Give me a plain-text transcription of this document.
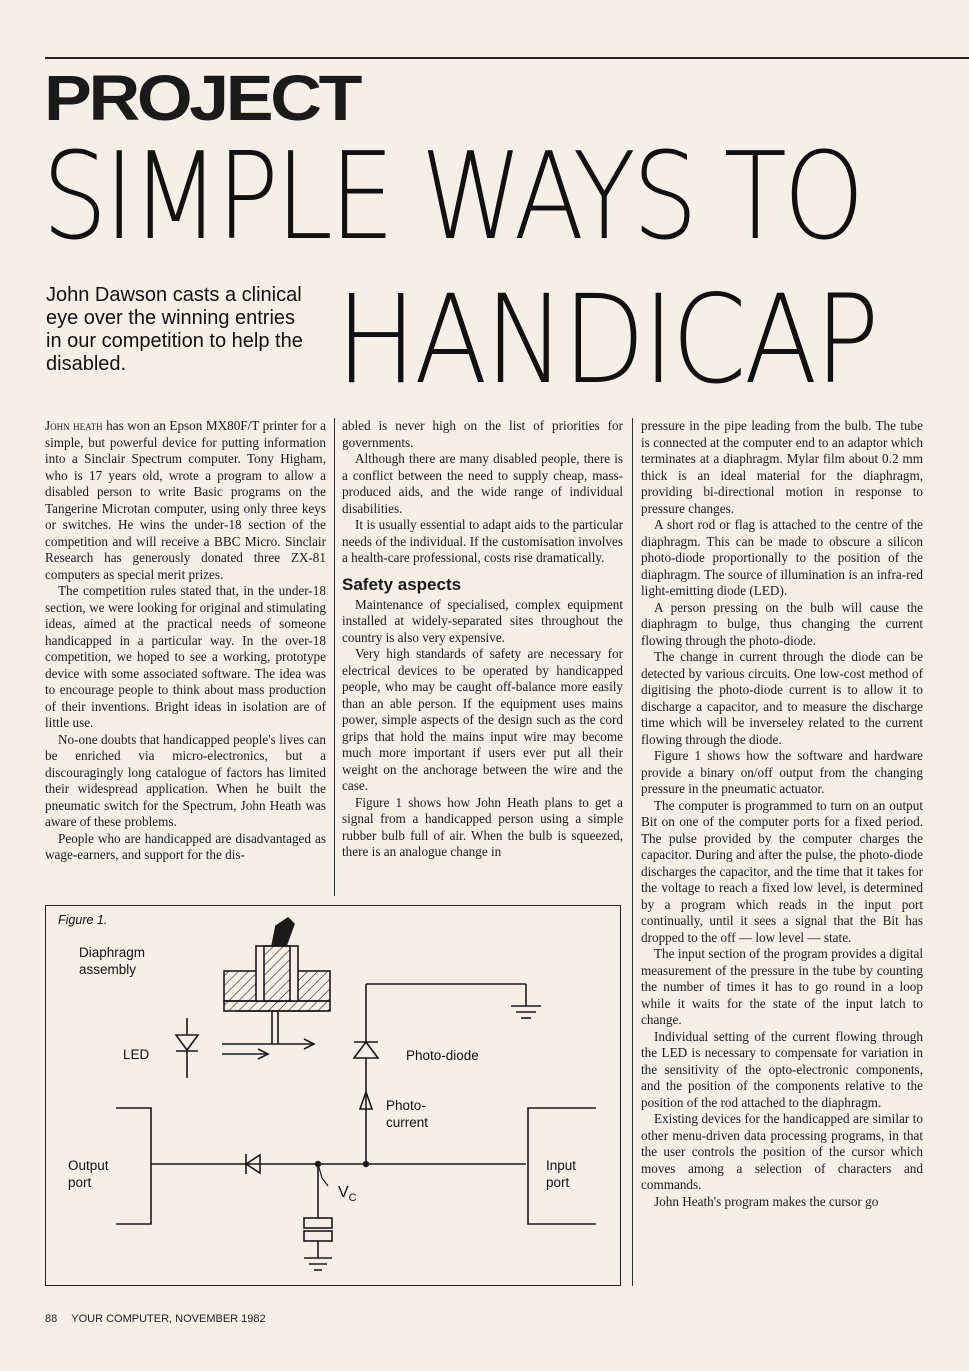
PROJECT
SIMPLE WAYS TO
HANDICAP
John Dawson casts a clinical eye over the winning entries in our competition to help the disabled.

John heath has won an Epson MX80F/T printer for a simple, but powerful device for putting information into a Sinclair Spectrum computer. Tony Higham, who is 17 years old, wrote a program to allow a disabled person to write Basic programs on the Tangerine Microtan computer, using only three keys or switches. He wins the under-18 section of the competition and will receive a BBC Micro. Sinclair Research has generously donated three ZX-81 computers as special merit prizes.

The competition rules stated that, in the under-18 section, we were looking for original and stimulating ideas, aimed at the practical needs of someone handicapped in a particular way. In the over-18 competition, we hoped to see a working, prototype device with some associated software. The idea was to encourage people to think about mass production of their inventions. Bright ideas in isolation are of little use.

No-one doubts that handicapped people's lives can be enriched via micro-electronics, but a discouragingly long catalogue of factors has limited their widespread application. When he built the pneumatic switch for the Spectrum, John Heath was aware of these problems.

People who are handicapped are disadvantaged as wage-earners, and support for the dis-

abled is never high on the list of priorities for governments.

Although there are many disabled people, there is a conflict between the need to supply cheap, mass-produced aids, and the wide range of individual disabilities.

It is usually essential to adapt aids to the particular needs of the individual. If the customisation involves a health-care professional, costs rise dramatically.

Safety aspects

Maintenance of specialised, complex equipment installed at widely-separated sites throughout the country is also very expensive.

Very high standards of safety are necessary for electrical devices to be operated by handicapped people, who may be caught off-balance more easily than an able person. If the equipment uses mains power, simple aspects of the design such as the cord grips that hold the mains input wire may become much more important if users ever put all their weight on the anchorage between the wire and the case.

Figure 1 shows how John Heath plans to get a signal from a handicapped person using a simple rubber bulb full of air. When the bulb is squeezed, there is an analogue change in

pressure in the pipe leading from the bulb. The tube is connected at the computer end to an adaptor which terminates at a diaphragm. Mylar film about 0.2 mm thick is an ideal material for the diaphragm, providing bi-directional motion in response to pressure changes.

A short rod or flag is attached to the centre of the diaphragm. This can be made to obscure a silicon photo-diode proportionally to the position of the diaphragm. The source of illumination is an infra-red light-emitting diode (LED).

A person pressing on the bulb will cause the diaphragm to bulge, thus changing the current flowing through the photo-diode.

The change in current through the diode can be detected by various circuits. One low-cost method of digitising the photo-diode current is to allow it to discharge a capacitor, and to measure the discharge time which will be inverseley related to the current flowing through the diode.

Figure 1 shows how the software and hardware provide a binary on/off output from the changing pressure in the pneumatic actuator.

The computer is programmed to turn on an output Bit on one of the computer ports for a fixed period. The pulse provided by the computer charges the capacitor. During and after the pulse, the photo-diode discharges the capacitor, and the time that it takes for the voltage to reach a fixed low level, is determined by a program which reads in the input port continually, until it sees a signal that the Bit has dropped to the off — low level — state.

The input section of the program provides a digital measurement of the pressure in the tube by counting the number of times it has to go round in a loop while it waits for the state of the input latch to change.

Individual setting of the current flowing through the LED is necessary to compensate for variation in the sensitivity of the opto-electronic components, and the position of the components relative to the position of the rod attached to the diaphragm.

Existing devices for the handicapped are similar to other menu-driven data processing programs, in that the user controls the position of the cursor which moves among a selection of characters and commands.

John Heath's program makes the cursor go

Figure 1.
Diaphragm
assembly
LED	Photo-diode
Photo-
current
Output
port
Input
port
$V_C$
88 YOUR COMPUTER, NOVEMBER 1982
